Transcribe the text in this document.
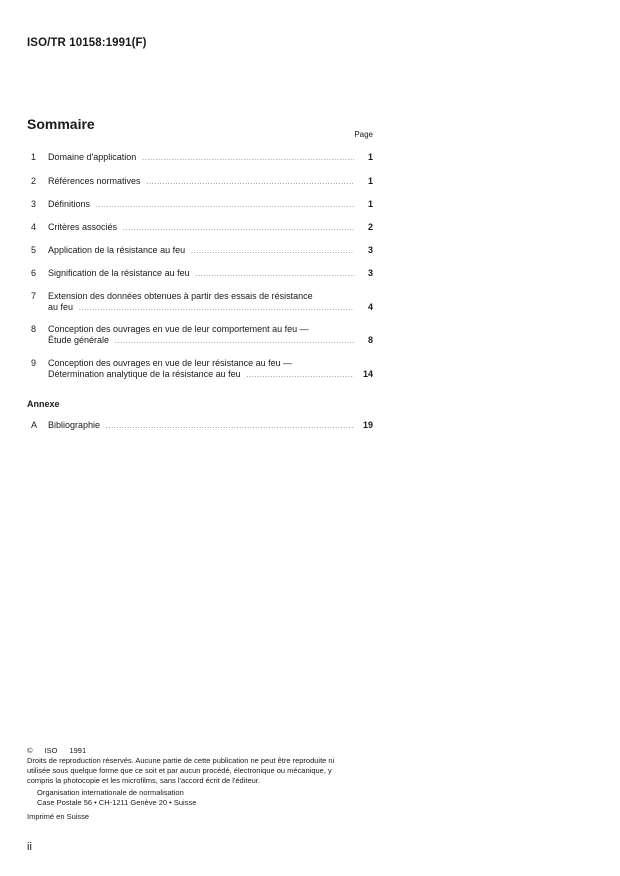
ISO/TR 10158:1991(F)
Sommaire
Page
1	Domaine d'application .....	1
2	Références normatives .....	1
3	Définitions .....	1
4	Critères associés .....	2
5	Application de la résistance au feu .....	3
6	Signification de la résistance au feu .....	3
7	Extension des données obtenues à partir des essais de résistance
au feu .....	4
8	Conception des ouvrages en vue de leur comportement au feu —
Étude générale .....	8
9	Conception des ouvrages en vue de leur résistance au feu —
Détermination analytique de la résistance au feu .....	14
Annexe
A	Bibliographie .....	19
© ISO 1991
Droits de reproduction réservés. Aucune partie de cette publication ne peut être reproduite ni utilisée sous quelque forme que ce soit et par aucun procédé, électronique ou mécanique, y compris la photocopie et les microfilms, sans l'accord écrit de l'éditeur.
Organisation internationale de normalisation
Case Postale 56 • CH-1211 Genève 20 • Suisse
Imprimé en Suisse
ii
